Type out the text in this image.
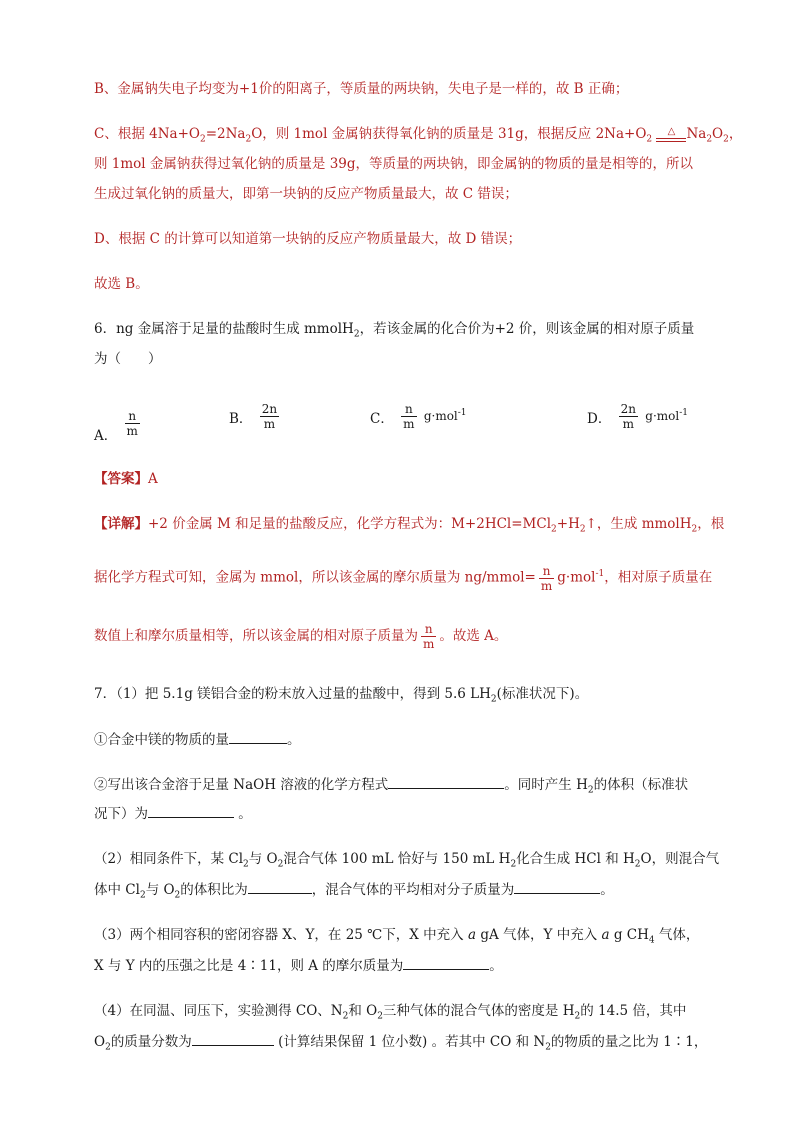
B、金属钠失电子均变为+1价的阳离子，等质量的两块钠，失电子是一样的，故 B 正确；
C、根据 $4Na+O_2=2Na_2O$，则 1mol 金属钠获得氧化钠的质量是 31g，根据反应 $2Na+O_2$
△ $Na_2O_2$，
则 1mol 金属钠获得过氧化钠的质量是 39g，等质量的两块钠，即金属钠的物质的量是相等的，所以
生成过氧化钠的质量大，即第一块钠的反应产物质量最大，故 C 错误；
D、根据 C 的计算可以知道第一块钠的反应产物质量最大，故 D 错误；
故选 B。
6．ng 金属溶于足量的盐酸时生成 mmolH$_2$，若该金属的化合价为+2 价，则该金属的相对原子质量
为（　　）
A． $\frac{n}{m}$	B． $\frac{2n}{m}$	C． $\frac{n}{m} g\cdot mol^{-1}$	D． $\frac{2n}{m} g\cdot mol^{-1}$
【答案】A
【详解】+2 价金属 M 和足量的盐酸反应，化学方程式为：$M+2HCl=MCl_2+H_2↑$，生成 mmolH$_2$，根
据化学方程式可知，金属为 mmol，所以该金属的摩尔质量为 ng/mmol= $\frac{n}{m} g\cdot mol^{-1}$，相对原子质量在
数值上和摩尔质量相等，所以该金属的相对原子质量为 $\frac{n}{m}$ 。故选 A。
7．（1）把 5.1g 镁铝合金的粉末放入过量的盐酸中，得到 5.6 $LH_2$(标准状况下)。
①合金中镁的物质的量	。
②写出该合金溶于足量 NaOH 溶液的化学方程式	。同时产生 $H_2$的体积（标准状
况下）为	。
（2）相同条件下，某 $Cl_2$与 $O_2$混合气体 100 mL 恰好与 150 mL $H_2$化合生成 HCl 和 $H_2O$，则混合气
体中 $Cl_2$与 $O_2$的体积比为	，混合气体的平均相对分子质量为	。
（3）两个相同容积的密闭容器 X、Y，在 25 ℃下，X 中充入 a gA 气体，Y 中充入 a g $CH_4$ 气体，
X 与 Y 内的压强之比是 4∶11，则 A 的摩尔质量为	。
（4）在同温、同压下，实验测得 CO、$N_2$和 $O_2$三种气体的混合气体的密度是 $H_2$的 14.5 倍，其中
$O_2$的质量分数为	(计算结果保留 1 位小数) 。若其中 CO 和 $N_2$的物质的量之比为 1∶1，
